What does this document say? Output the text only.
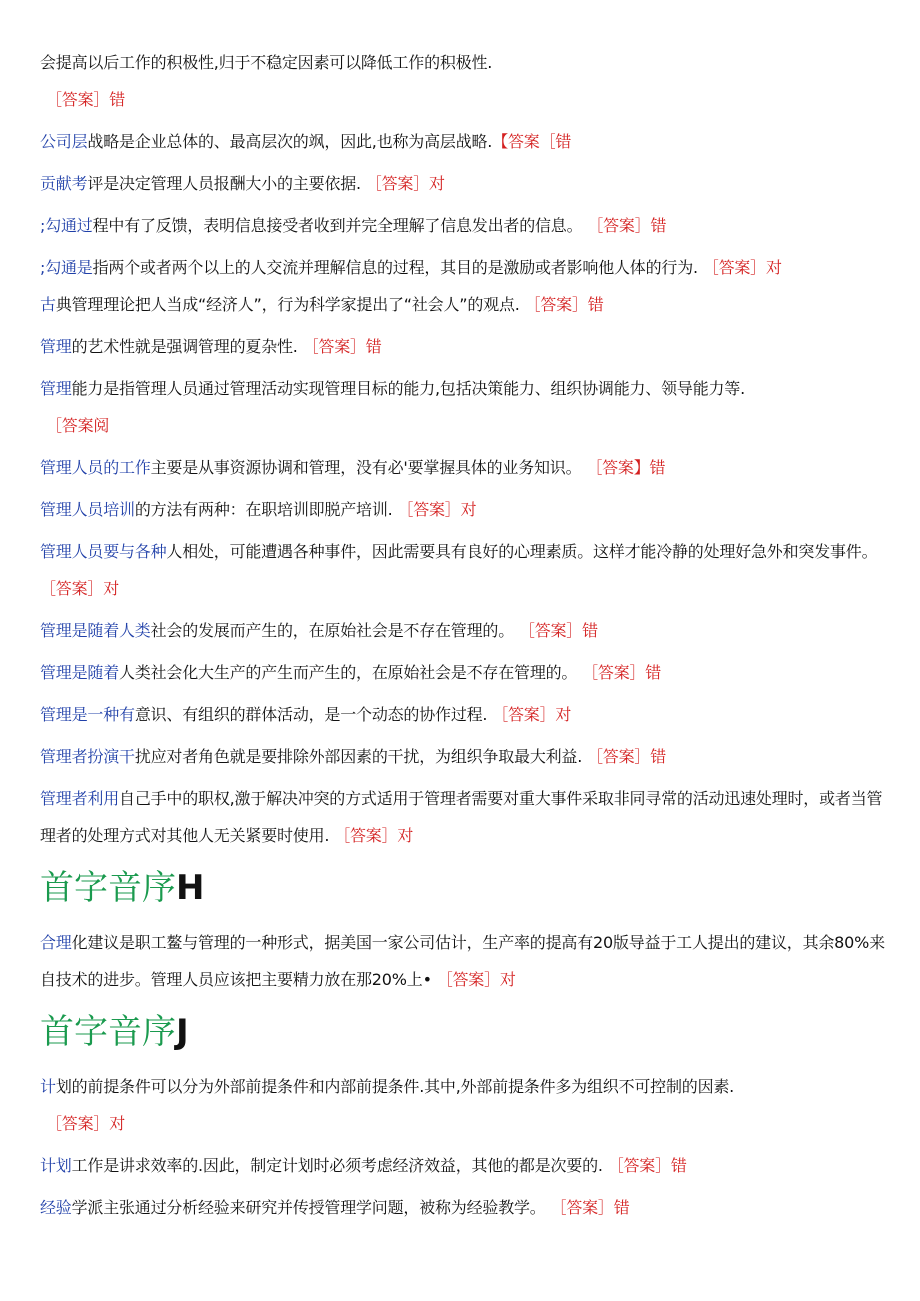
会提高以后工作的积极性,归于不稳定因素可以降低工作的积极性.

［答案］错

公司层战略是企业总体的、最高层次的飒，因此,也称为高层战略.【答案［错

贡献考评是决定管理人员报酬大小的主要依据. ［答案］对

;勾通过程中有了反馈，表明信息接受者收到并完全理解了信息发出者的信息。 ［答案］错

;勾通是指两个或者两个以上的人交流并理解信息的过程，其目的是激励或者影响他人体的行为. ［答案］对

古典管理理论把人当成“经济人”，行为科学家提出了“社会人”的观点. ［答案］错

管理的艺术性就是强调管理的夏杂性. ［答案］错

管理能力是指管理人员通过管理活动实现管理目标的能力,包括决策能力、组织协调能力、领导能力等.

［答案阅

管理人员的工作主要是从事资源协调和管理，没有必'要掌握具体的业务知识。 ［答案】错

管理人员培训的方法有两种：在职培训即脱产培训. ［答案］对

管理人员要与各种人相处，可能遭遇各种事件，因此需要具有良好的心理素质。这样才能冷静的处理好急外和突发事件。 ［答案］对

管理是随着人类社会的发展而产生的，在原始社会是不存在管理的。 ［答案］错

管理是随着人类社会化大生产的产生而产生的，在原始社会是不存在管理的。 ［答案］错

管理是一种有意识、有组织的群体活动，是一个动态的协作过程. ［答案］对

管理者扮演干扰应对者角色就是要排除外部因素的干扰，为组织争取最大利益. ［答案］错

管理者利用自己手中的职权,激于解决冲突的方式适用于管理者需要对重大事件采取非同寻常的活动迅速处理时，或者当管理者的处理方式对其他人无关紧要时使用. ［答案］对

首字音序H

合理化建议是职工鳌与管理的一种形式，据美国一家公司估计，生产率的提高有20版导益于工人提出的建议，其余80%来自技术的进步。管理人员应该把主要精力放在那20%上• ［答案］对

首字音序J

计划的前提条件可以分为外部前提条件和内部前提条件.其中,外部前提条件多为组织不可控制的因素.

［答案］对

计划工作是讲求效率的.因此，制定计划时必须考虑经济效益，其他的都是次要的. ［答案］错

经验学派主张通过分析经验来研究并传授管理学问题，被称为经验教学。 ［答案］错
